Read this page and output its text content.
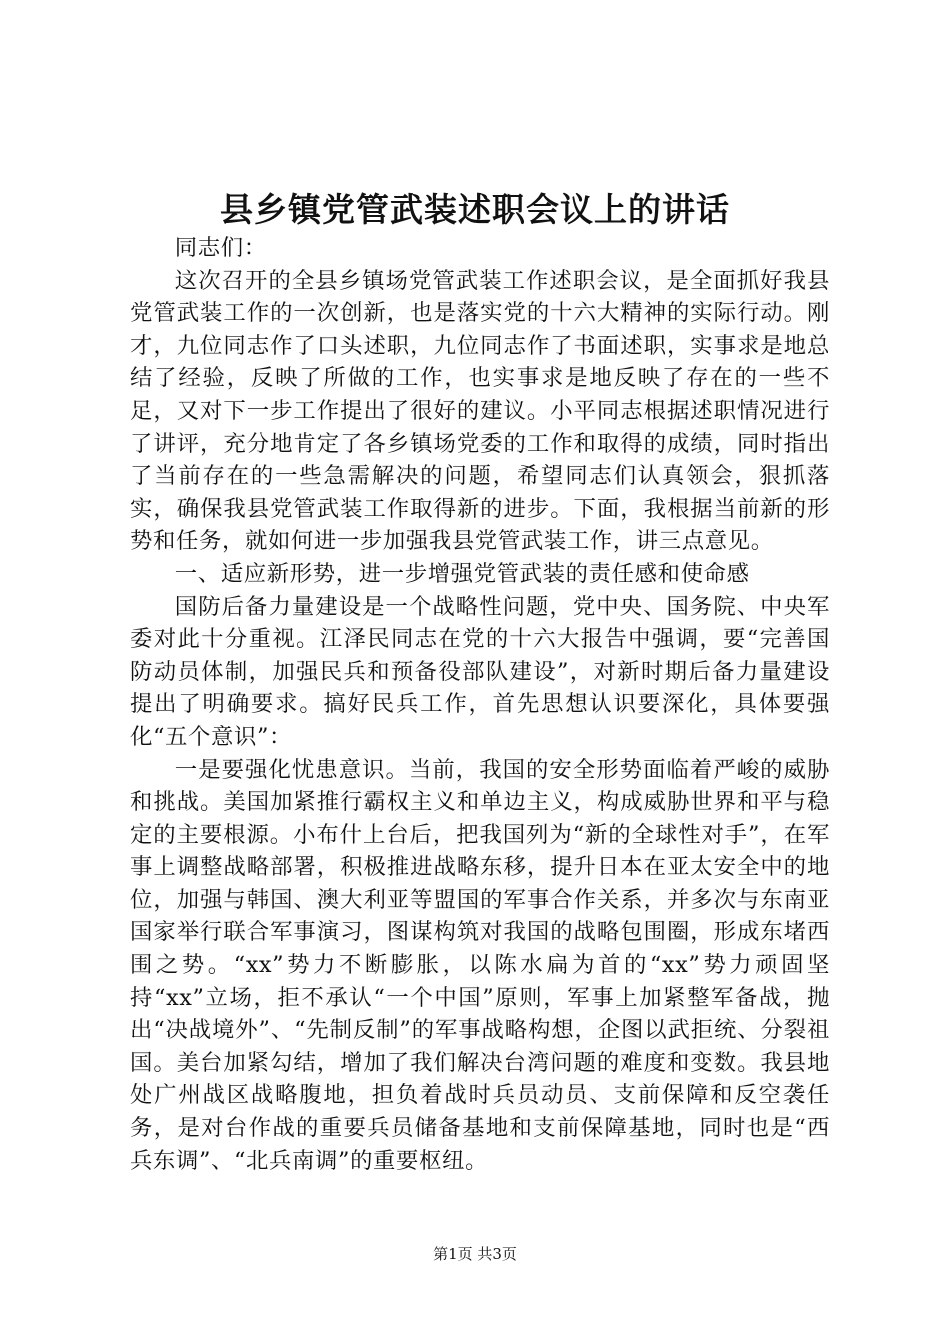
县乡镇党管武装述职会议上的讲话

同志们：

这次召开的全县乡镇场党管武装工作述职会议，是全面抓好我县党管武装工作的一次创新，也是落实党的十六大精神的实际行动。刚才，九位同志作了口头述职，九位同志作了书面述职，实事求是地总结了经验，反映了所做的工作，也实事求是地反映了存在的一些不足，又对下一步工作提出了很好的建议。小平同志根据述职情况进行了讲评，充分地肯定了各乡镇场党委的工作和取得的成绩，同时指出了当前存在的一些急需解决的问题，希望同志们认真领会，狠抓落实，确保我县党管武装工作取得新的进步。下面，我根据当前新的形势和任务，就如何进一步加强我县党管武装工作，讲三点意见。

一、适应新形势，进一步增强党管武装的责任感和使命感

国防后备力量建设是一个战略性问题，党中央、国务院、中央军委对此十分重视。江泽民同志在党的十六大报告中强调，要“完善国防动员体制，加强民兵和预备役部队建设”，对新时期后备力量建设提出了明确要求。搞好民兵工作，首先思想认识要深化，具体要强化“五个意识”：

一是要强化忧患意识。当前，我国的安全形势面临着严峻的威胁和挑战。美国加紧推行霸权主义和单边主义，构成威胁世界和平与稳定的主要根源。小布什上台后，把我国列为“新的全球性对手”，在军事上调整战略部署，积极推进战略东移，提升日本在亚太安全中的地位，加强与韩国、澳大利亚等盟国的军事合作关系，并多次与东南亚国家举行联合军事演习，图谋构筑对我国的战略包围圈，形成东堵西围之势。“xx”势力不断膨胀，以陈水扁为首的“xx”势力顽固坚持“xx”立场，拒不承认“一个中国”原则，军事上加紧整军备战，抛出“决战境外”、“先制反制”的军事战略构想，企图以武拒统、分裂祖国。美台加紧勾结，增加了我们解决台湾问题的难度和变数。我县地处广州战区战略腹地，担负着战时兵员动员、支前保障和反空袭任务，是对台作战的重要兵员储备基地和支前保障基地，同时也是“西兵东调”、“北兵南调”的重要枢纽。

第1页 共3页
